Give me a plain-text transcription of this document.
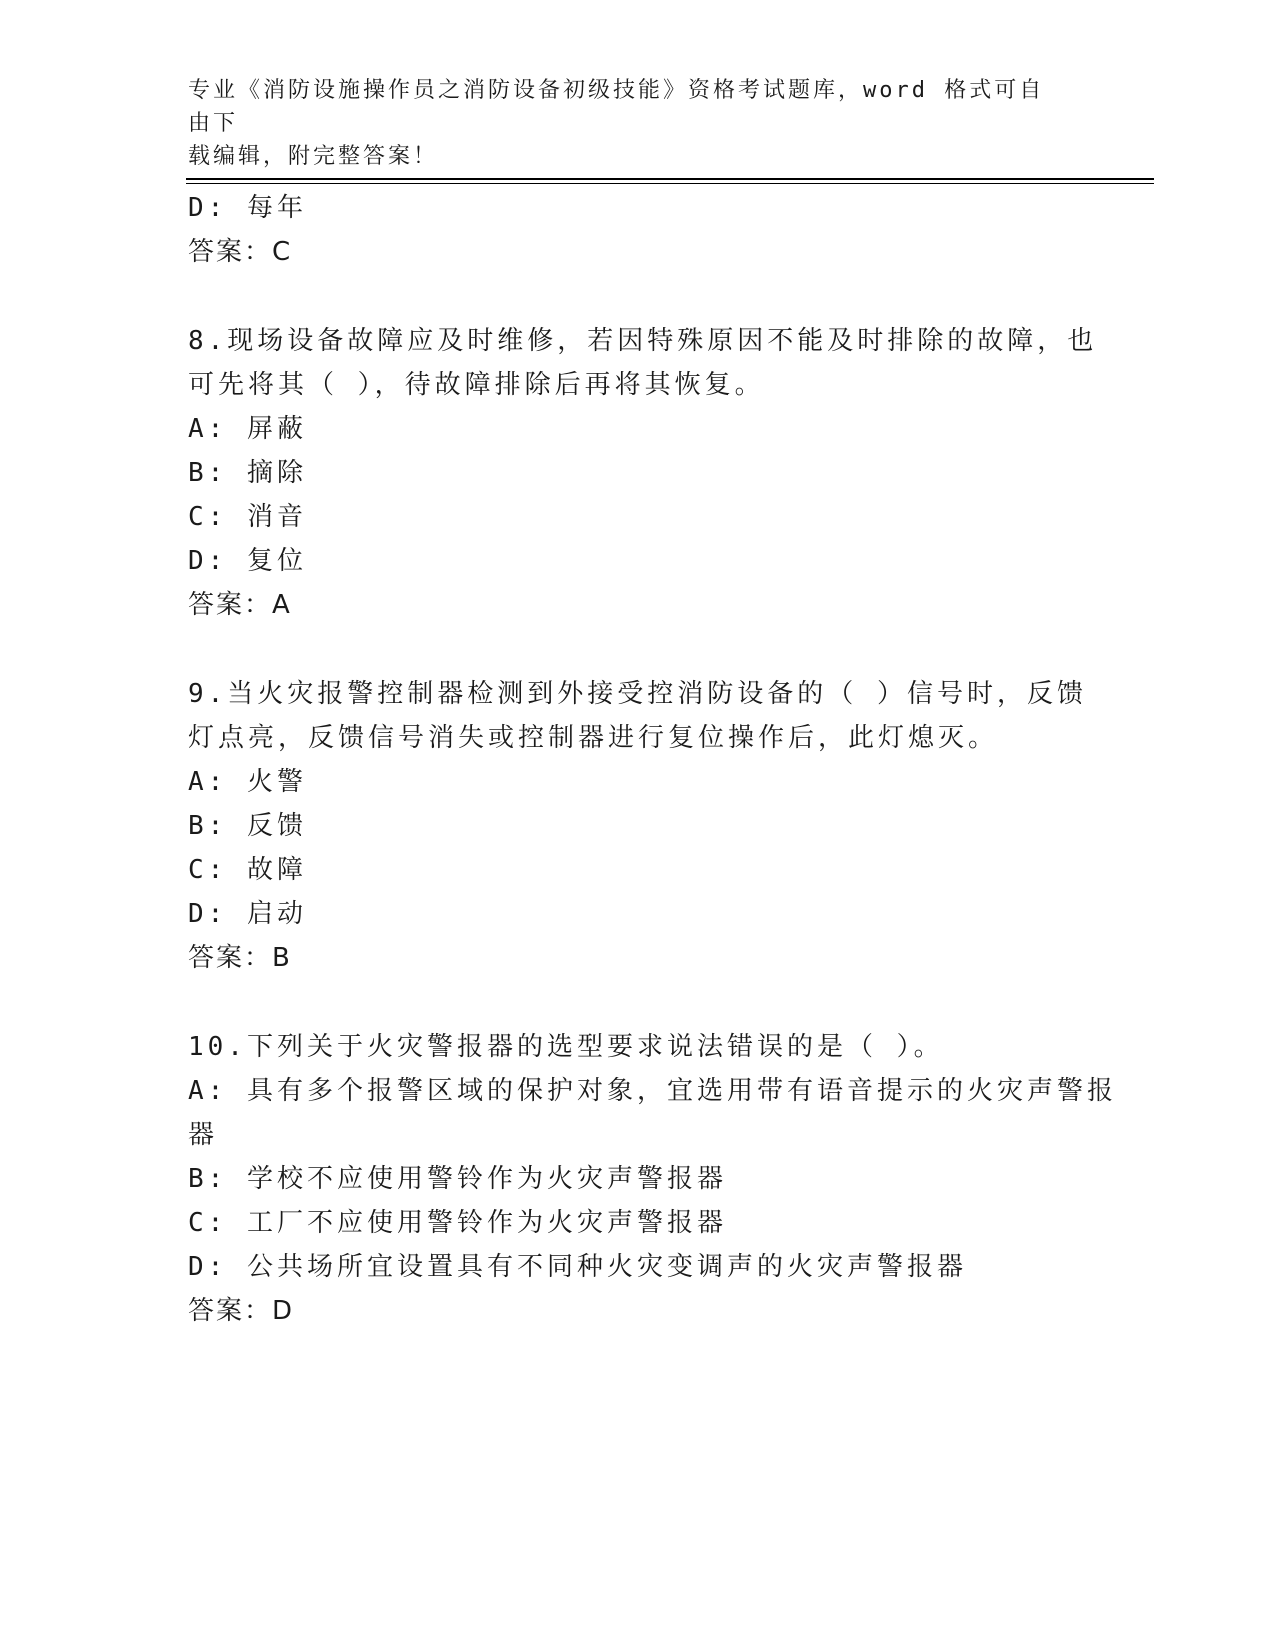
专业《消防设施操作员之消防设备初级技能》资格考试题库，word 格式可自由下
载编辑，附完整答案！
D: 每年
答案：C
8.现场设备故障应及时维修，若因特殊原因不能及时排除的故障，也
可先将其（ ），待故障排除后再将其恢复。
A: 屏蔽
B: 摘除
C: 消音
D: 复位
答案：A
9.当火灾报警控制器检测到外接受控消防设备的（ ）信号时，反馈
灯点亮，反馈信号消失或控制器进行复位操作后，此灯熄灭。
A: 火警
B: 反馈
C: 故障
D: 启动
答案：B
10.下列关于火灾警报器的选型要求说法错误的是（ ）。
A: 具有多个报警区域的保护对象，宜选用带有语音提示的火灾声警报
器
B: 学校不应使用警铃作为火灾声警报器
C: 工厂不应使用警铃作为火灾声警报器
D: 公共场所宜设置具有不同种火灾变调声的火灾声警报器
答案：D
